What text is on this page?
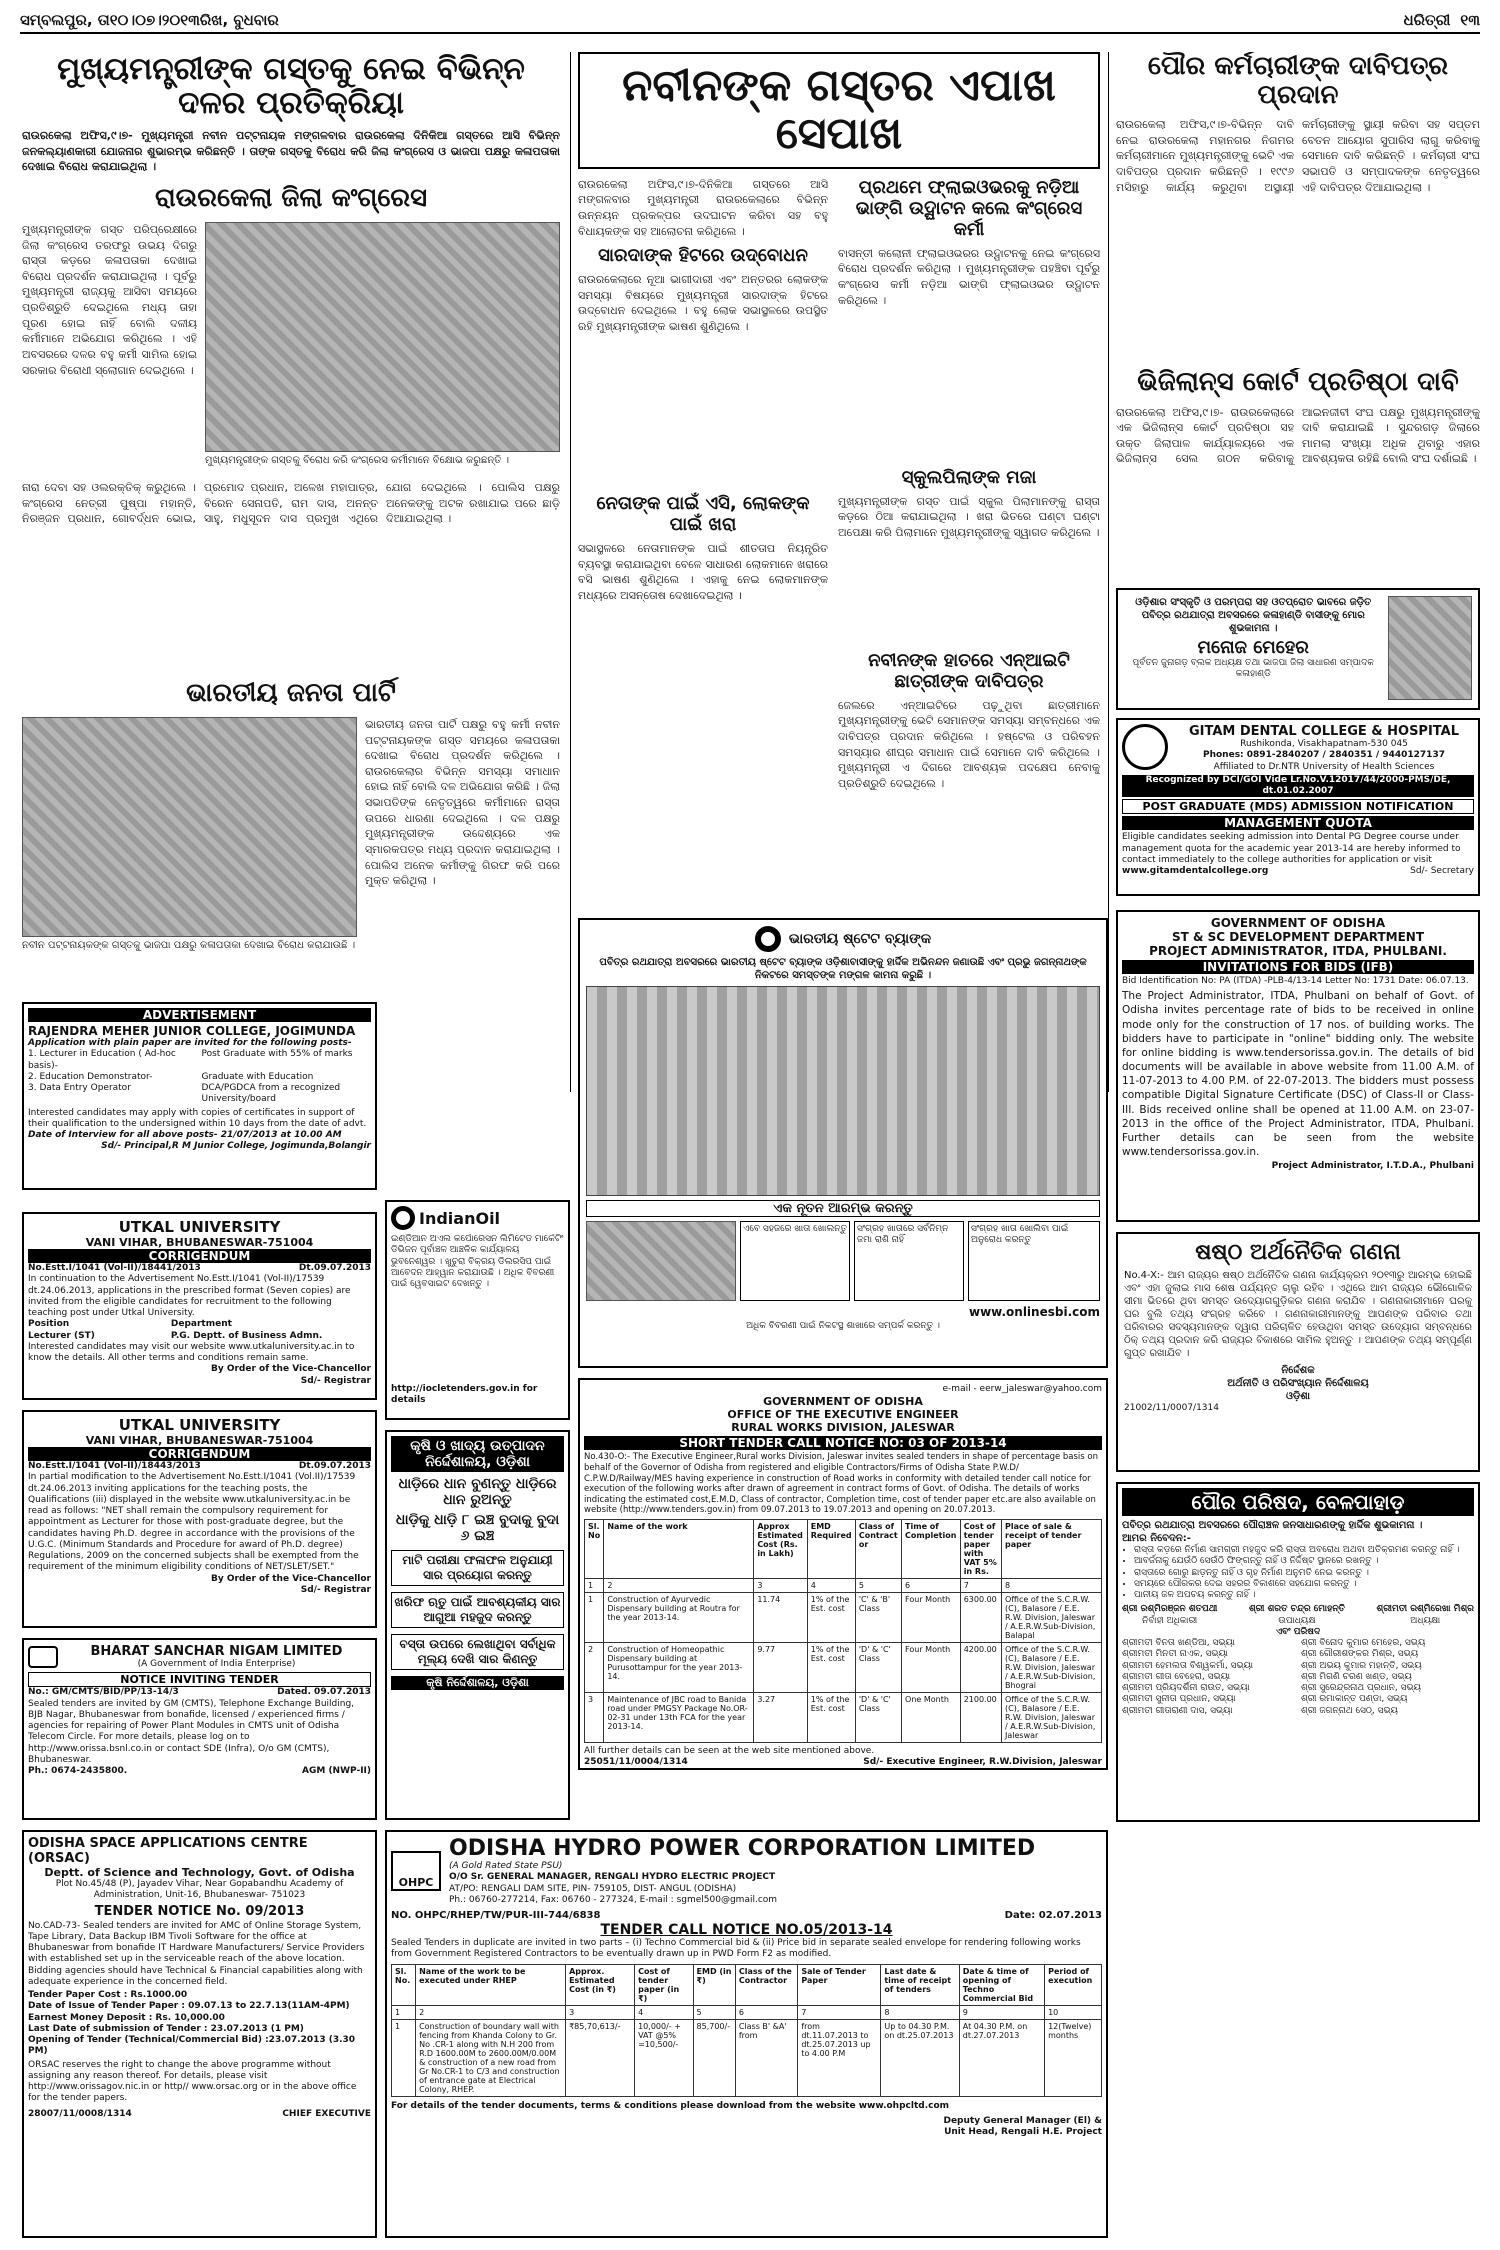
ସମ୍ବଲପୁର, ତା୧୦।୦୭।୨୦୧୩ରିଖ, ବୁଧବାର	ଧରିତ୍ରୀ ୧୩
ମୁଖ୍ୟମନ୍ତ୍ରୀଙ୍କ ଗସ୍ତକୁ ନେଇ ବିଭିନ୍ନ ଦଳର ପ୍ରତିକ୍ରିୟା
ରାଉରକେଲା ଅଫିସ,୯।୭- ମୁଖ୍ୟମନ୍ତ୍ରୀ ନବୀନ ପଟ୍ଟନାୟକ ମଙ୍ଗଳବାର ରାଉରକେଲା ଦିନିକିଆ ଗସ୍ତରେ ଆସି ବିଭିନ୍ନ ଜନକଲ୍ୟାଣକାରୀ ଯୋଜନାର ଶୁଭାରମ୍ଭ କରିଛନ୍ତି । ତାଙ୍କ ଗସ୍ତକୁ ବିରୋଧ କରି ଜିଲା କଂଗ୍ରେସ ଓ ଭାଜପା ପକ୍ଷରୁ କଳାପତାକା ଦେଖାଇ ବିରୋଧ କରାଯାଇଥିଲା ।
ରାଉରକେଲା ଜିଲା କଂଗ୍ରେସ
ମୁଖ୍ୟମନ୍ତ୍ରୀଙ୍କ ଗସ୍ତ ପରିପ୍ରେକ୍ଷୀରେ ଜିଲା କଂଗ୍ରେସ ତରଫରୁ ଉଭୟ ଦିଗରୁ ରାସ୍ତା କଡ଼ରେ କଳାପତାକା ଦେଖାଇ ବିରୋଧ ପ୍ରଦର୍ଶନ କରାଯାଇଥିଲା । ପୂର୍ବରୁ ମୁଖ୍ୟମନ୍ତ୍ରୀ ରାଜ୍ୟକୁ ଆସିବା ସମୟରେ ପ୍ରତିଶ୍ରୁତି ଦେଇଥିଲେ ମଧ୍ୟ ତାହା ପୂରଣ ହୋଇ ନାହିଁ ବୋଲି ଦଳୀୟ କର୍ମୀମାନେ ଅଭିଯୋଗ କରିଥିଲେ । ଏହି ଅବସରରେ ଦଳର ବହୁ କର୍ମୀ ସାମିଲ ହୋଇ ସରକାର ବିରୋଧୀ ସ୍ଲୋଗାନ ଦେଇଥିଲେ ।
ମୁଖ୍ୟମନ୍ତ୍ରୀଙ୍କ ଗସ୍ତକୁ ବିରୋଧ କରି କଂଗ୍ରେସ କର୍ମୀମାନେ ବିକ୍ଷୋଭ କରୁଛନ୍ତି ।
ନାରା ଦେବା ସହ ଓଲରକ୍ତିକ୍ କରୁଥିଲେ । କଂଗ୍ରେସ ନେତ୍ରୀ ପୁଷ୍ପା ମହାନ୍ତି, ନିରଞ୍ଜନ ପ୍ରଧାନ, ଗୋବର୍ଦ୍ଧନ ଭୋଇ, ପ୍ରମୋଦ ପ୍ରଧାନ, ଅଳେଖ ମହାପାତ୍ର, ବିରେନ ସେନାପତି, ରାମ ଦାସ, ଅନନ୍ତ ସାହୁ, ମଧୁସୂଦନ ଦାସ ପ୍ରମୁଖ ଏଥିରେ ଯୋଗ ଦେଇଥିଲେ । ପୋଲିସ ପକ୍ଷରୁ ଅନେକଙ୍କୁ ଅଟକ ରଖାଯାଇ ପରେ ଛାଡ଼ି ଦିଆଯାଇଥିଲା ।
ଭାରତୀୟ ଜନତା ପାର୍ଟି
ନବୀନ ପଟ୍ଟନାୟକଙ୍କ ଗସ୍ତକୁ ଭାଜପା ପକ୍ଷରୁ କଳାପତାକା ଦେଖାଇ ବିରୋଧ କରାଯାଉଛି ।
ଭାରତୀୟ ଜନତା ପାର୍ଟି ପକ୍ଷରୁ ବହୁ କର୍ମୀ ନବୀନ ପଟ୍ଟନାୟକଙ୍କ ଗସ୍ତ ସମୟରେ କଳାପତାକା ଦେଖାଇ ବିରୋଧ ପ୍ରଦର୍ଶନ କରିଥିଲେ । ରାଉରକେଲାର ବିଭିନ୍ନ ସମସ୍ୟା ସମାଧାନ ହୋଇ ନାହିଁ ବୋଲି ଦଳ ଅଭିଯୋଗ କରିଛି । ଜିଲା ସଭାପତିଙ୍କ ନେତୃତ୍ୱରେ କର୍ମୀମାନେ ରାସ୍ତା ଉପରେ ଧାରଣା ଦେଇଥିଲେ । ଦଳ ପକ୍ଷରୁ ମୁଖ୍ୟମନ୍ତ୍ରୀଙ୍କ ଉଦ୍ଦେଶ୍ୟରେ ଏକ ସ୍ମାରକପତ୍ର ମଧ୍ୟ ପ୍ରଦାନ କରାଯାଇଥିଲା । ପୋଲିସ ଅନେକ କର୍ମୀଙ୍କୁ ଗିରଫ କରି ପରେ ମୁକ୍ତ କରିଥିଲା ।
ନବୀନଙ୍କ ଗସ୍ତର ଏପାଖ ସେପାଖ
ରାଉରକେଲା ଅଫିସ,୯।୭-ଦିନିକିଆ ଗସ୍ତରେ ଆସି ମଙ୍ଗଳବାର ମୁଖ୍ୟମନ୍ତ୍ରୀ ରାଉରକେଲାରେ ବିଭିନ୍ନ ଉନ୍ନୟନ ପ୍ରକଳ୍ପର ଉଦଘାଟନ କରିବା ସହ ବହୁ ବିଧାୟକଙ୍କ ସହ ଆଲୋଚନା କରିଥିଲେ ।
ସାରଦାଙ୍କ ହିଟରେ ଉଦ୍ବୋଧନ
ରାଉରକେଲାରେ ନୂଆ ଭାଗୀଦାରୀ ଏବଂ ଅନ୍ତରର ଲୋକଙ୍କ ସମସ୍ୟା ବିଷୟରେ ମୁଖ୍ୟମନ୍ତ୍ରୀ ସାରଦାଙ୍କ ହିଟରେ ଉଦ୍ବୋଧନ ଦେଇଥିଲେ । ବହୁ ଲୋକ ସଭାସ୍ଥଳରେ ଉପସ୍ଥିତ ରହି ମୁଖ୍ୟମନ୍ତ୍ରୀଙ୍କ ଭାଷଣ ଶୁଣିଥିଲେ ।
ନେତାଙ୍କ ପାଇଁ ଏସି, ଲୋକଙ୍କ ପାଇଁ ଖରା
ସଭାସ୍ଥଳରେ ନେତାମାନଙ୍କ ପାଇଁ ଶୀତତାପ ନିୟନ୍ତ୍ରିତ ବ୍ୟବସ୍ଥା କରାଯାଇଥିବା ବେଳେ ସାଧାରଣ ଲୋକମାନେ ଖରାରେ ବସି ଭାଷଣ ଶୁଣିଥିଲେ । ଏହାକୁ ନେଇ ଲୋକମାନଙ୍କ ମଧ୍ୟରେ ଅସନ୍ତୋଷ ଦେଖାଦେଇଥିଲା ।
ପ୍ରଥମେ ଫ୍ଲାଇଓଭରକୁ ନଡ଼ିଆ ଭାଙ୍ଗି ଉଦ୍ଘାଟନ କଲେ କଂଗ୍ରେସ କର୍ମୀ
ବାସନ୍ତୀ କଲୋନୀ ଫ୍ଲାଇଓଭରର ଉଦ୍ଘାଟନକୁ ନେଇ କଂଗ୍ରେସ ବିରୋଧ ପ୍ରଦର୍ଶନ କରିଥିଲା । ମୁଖ୍ୟମନ୍ତ୍ରୀଙ୍କ ପହଞ୍ଚିବା ପୂର୍ବରୁ କଂଗ୍ରେସ କର୍ମୀ ନଡ଼ିଆ ଭାଙ୍ଗି ଫ୍ଲାଇଓଭର ଉଦ୍ଘାଟନ କରିଥିଲେ ।
ସ୍କୁଲପିଲାଙ୍କ ମଜା
ମୁଖ୍ୟମନ୍ତ୍ରୀଙ୍କ ଗସ୍ତ ପାଇଁ ସ୍କୁଲ ପିଲାମାନଙ୍କୁ ରାସ୍ତା କଡ଼ରେ ଠିଆ କରାଯାଇଥିଲା । ଖରା ଭିତରେ ଘଣ୍ଟା ଘଣ୍ଟା ଅପେକ୍ଷା କରି ପିଲାମାନେ ମୁଖ୍ୟମନ୍ତ୍ରୀଙ୍କୁ ସ୍ୱାଗତ କରିଥିଲେ ।
ନବୀନଙ୍କ ହାତରେ ଏନ୍ଆଇଟି ଛାତ୍ରୀଙ୍କ ଦାବିପତ୍ର
ଜେଲରେ ଏନ୍ଆଇଟିରେ ପଢ଼ୁଥିବା ଛାତ୍ରୀମାନେ ମୁଖ୍ୟମନ୍ତ୍ରୀଙ୍କୁ ଭେଟି ସେମାନଙ୍କ ସମସ୍ୟା ସମ୍ବନ୍ଧରେ ଏକ ଦାବିପତ୍ର ପ୍ରଦାନ କରିଥିଲେ । ହଷ୍ଟେଲ ଓ ପରିବହନ ସମସ୍ୟାର ଶୀଘ୍ର ସମାଧାନ ପାଇଁ ସେମାନେ ଦାବି କରିଥିଲେ । ମୁଖ୍ୟମନ୍ତ୍ରୀ ଏ ଦିଗରେ ଆବଶ୍ୟକ ପଦକ୍ଷେପ ନେବାକୁ ପ୍ରତିଶ୍ରୁତି ଦେଇଥିଲେ ।
ପୌର କର୍ମଚାରୀଙ୍କ ଦାବିପତ୍ର ପ୍ରଦାନ
ରାଉରକେଲା ଅଫିସ,୯।୭-ବିଭିନ୍ନ ଦାବି ନେଇ ରାଉରକେଲା ମହାନଗର ନିଗମର କର୍ମଚାରୀମାନେ ମୁଖ୍ୟମନ୍ତ୍ରୀଙ୍କୁ ଭେଟି ଏକ ଦାବିପତ୍ର ପ୍ରଦାନ କରିଛନ୍ତି । ୧୯୯୬ ମସିହାରୁ କାର୍ଯ୍ୟ କରୁଥିବା ଅସ୍ଥାୟୀ କର୍ମଚାରୀଙ୍କୁ ସ୍ଥାୟୀ କରିବା ସହ ସପ୍ତମ ବେତନ ଆୟୋଗ ସୁପାରିସ ଲାଗୁ କରିବାକୁ ସେମାନେ ଦାବି କରିଛନ୍ତି । କର୍ମଚାରୀ ସଂଘ ସଭାପତି ଓ ସମ୍ପାଦକଙ୍କ ନେତୃତ୍ୱରେ ଏହି ଦାବିପତ୍ର ଦିଆଯାଇଥିଲା ।
ଭିଜିଲାନ୍ସ କୋର୍ଟ ପ୍ରତିଷ୍ଠା ଦାବି
ରାଉରକେଲା ଅଫିସ,୯।୭- ରାଉରକେଲାରେ ଏକ ଭିଜିଲାନ୍ସ କୋର୍ଟ ପ୍ରତିଷ୍ଠା ସହ ଉକ୍ତ ଜିଲାପାଳ କାର୍ଯ୍ୟାଳୟରେ ଏକ ଭିଜିଲାନ୍ସ ସେଲ ଗଠନ କରିବାକୁ ଆଇନଜୀବୀ ସଂଘ ପକ୍ଷରୁ ମୁଖ୍ୟମନ୍ତ୍ରୀଙ୍କୁ ଦାବି କରାଯାଇଛି । ସୁନ୍ଦରଗଡ଼ ଜିଲାରେ ମାମଲା ସଂଖ୍ୟା ଅଧିକ ଥିବାରୁ ଏହାର ଆବଶ୍ୟକତା ରହିଛି ବୋଲି ସଂଘ ଦର୍ଶାଇଛି ।
ଓଡ଼ିଶାର ସଂସ୍କୃତି ଓ ପରମ୍ପରା ସହ ଓତପ୍ରୋତ ଭାବରେ ଜଡ଼ିତ ପବିତ୍ର ରଥଯାତ୍ରା ଅବସରରେ କଳାହାଣ୍ଡି ବାସୀଙ୍କୁ ମୋର ଶୁଭକାମନା ।
ମନୋଜ ମେହେର
ପୂର୍ବତନ ଜୁନାଗଡ଼ ବ୍ଲକ ଅଧ୍ୟକ୍ଷ ତଥା ଭାଜପା ଜିଲା ସାଧାରଣ ସମ୍ପାଦକ କଳାହାଣ୍ଡି
GITAM DENTAL COLLEGE & HOSPITAL
Rushikonda, Visakhapatnam-530 045
Phones: 0891-2840207 / 2840351 / 9440127137
Affiliated to Dr.NTR University of Health Sciences
Recognized by DCI/GOI Vide Lr.No.V.12017/44/2000-PMS/DE, dt.01.02.2007
POST GRADUATE (MDS) ADMISSION NOTIFICATION
MANAGEMENT QUOTA
Eligible candidates seeking admission into Dental PG Degree course under management quota for the academic year 2013-14 are hereby informed to contact immediately to the college authorities for application or visit
www.gitamdentalcollege.org	Sd/- Secretary
ଭାରତୀୟ ଷ୍ଟେଟ ବ୍ୟାଙ୍କ
ପବିତ୍ର ରଥଯାତ୍ରା ଅବସରରେ ଭାରତୀୟ ଷ୍ଟେଟ ବ୍ୟାଙ୍କ ଓଡ଼ିଶାବାସୀଙ୍କୁ ହାର୍ଦ୍ଦିକ ଅଭିନନ୍ଦନ ଜଣାଉଛି ଏବଂ ପ୍ରଭୁ ଜଗନ୍ନାଥଙ୍କ ନିକଟରେ ସମସ୍ତଙ୍କ ମଙ୍ଗଳ କାମନା କରୁଛି ।
ଏକ ନୂତନ ଆରମ୍ଭ କରନ୍ତୁ
ଏବେ ସହଜରେ ଖାତା ଖୋଲନ୍ତୁ	ସଂଗ୍ରହ ଖାତାରେ ସର୍ବନିମ୍ନ ଜମା ରାଶି ନାହିଁ
ସଂଗ୍ରହ ଖାତା ଖୋଲିବା ପାଇଁ ଅନୁରୋଧ କରନ୍ତୁ
www.onlinesbi.com
ଅଧିକ ବିବରଣୀ ପାଇଁ ନିକଟସ୍ଥ ଶାଖାରେ ସମ୍ପର୍କ କରନ୍ତୁ ।
GOVERNMENT OF ODISHA
ST & SC DEVELOPMENT DEPARTMENT
PROJECT ADMINISTRATOR, ITDA, PHULBANI.
INVITATIONS FOR BIDS (IFB)
Bid Identification No: PA (ITDA) -PLB-4/13-14 Letter No: 1731 Date: 06.07.13.
The Project Administrator, ITDA, Phulbani on behalf of Govt. of Odisha invites percentage rate of bids to be received in online mode only for the construction of 17 nos. of building works. The bidders have to participate in "online" bidding only. The website for online bidding is www.tendersorissa.gov.in. The details of bid documents will be available in above website from 11.00 A.M. of 11-07-2013 to 4.00 P.M. of 22-07-2013. The bidders must possess compatible Digital Signature Certificate (DSC) of Class-II or Class-III. Bids received online shall be opened at 11.00 A.M. on 23-07-2013 in the office of the Project Administrator, ITDA, Phulbani. Further details can be seen from the website www.tendersorissa.gov.in.
Project Administrator, I.T.D.A., Phulbani
ଷଷ୍ଠ ଅର୍ଥନୈତିକ ଗଣନା
No.4-X:- ଆମ ରାଜ୍ୟର ଷଷ୍ଠ ଅର୍ଥନୈତିକ ଗଣନା କାର୍ଯ୍ୟକ୍ରମ ୨୦୧୩ରୁ ଆରମ୍ଭ ହୋଇଛି ଏବଂ ଏହା ଜୁଲାଇ ମାସ ଶେଷ ପର୍ଯ୍ୟନ୍ତ ଚାଲୁ ରହିବ । ଏଥିରେ ଆମ ରାଜ୍ୟର ଭୌଗୋଳିକ ସୀମା ଭିତରେ ଥିବା ସମସ୍ତ ଉଦ୍ୟୋଗଗୁଡ଼ିକର ଗଣନା କରାଯିବ । ଗଣନାକାରୀମାନେ ଘରକୁ ଘର ବୁଲି ତଥ୍ୟ ସଂଗ୍ରହ କରିବେ । ଗଣନାକାରୀମାନଙ୍କୁ ଆପଣଙ୍କ ପରିବାର ତଥା ପରିବାରର ସଦସ୍ୟମାନଙ୍କ ଦ୍ୱାରା ପରିଚାଳିତ ହେଉଥିବା ସମସ୍ତ ଉଦ୍ୟୋଗ ସମ୍ବନ୍ଧରେ ଠିକ୍ ତଥ୍ୟ ପ୍ରଦାନ କରି ରାଜ୍ୟର ବିକାଶରେ ସାମିଲ ହୁଅନ୍ତୁ । ଆପଣଙ୍କ ତଥ୍ୟ ସମ୍ପୂର୍ଣ୍ଣ ଗୁପ୍ତ ରଖାଯିବ ।
ନିର୍ଦ୍ଦେଶକ
ଅର୍ଥନୀତି ଓ ପରିସଂଖ୍ୟାନ ନିର୍ଦ୍ଦେଶାଳୟ
ଓଡ଼ିଶା
21002/11/0007/1314
ପୌର ପରିଷଦ, ବେଳପାହାଡ଼
ପବିତ୍ର ରଥଯାତ୍ରା ଅବସରରେ ପୌରାଞ୍ଚଳ ଜନସାଧାରଣଙ୍କୁ ହାର୍ଦ୍ଦିକ ଶୁଭକାମନା ।
ଆମର ନିବେଦନ:-
• ରାସ୍ତା କଡ଼ରେ ନିର୍ମାଣ ସାମଗ୍ରୀ ମହଜୁଦ କରି ରାସ୍ତା ଅବରୋଧ ଅଥବା ଅତିକ୍ରମଣ କରନ୍ତୁ ନାହିଁ ।
• ଆବର୍ଜନାକୁ ଯେଉଁଠି ସେଉଁଠି ଫିଙ୍ଗନ୍ତୁ ନାହିଁ ଓ ନିର୍ଦ୍ଦିଷ୍ଟ ସ୍ଥାନରେ ରଖନ୍ତୁ ।
• ରାସ୍ତାରେ ଗୋରୁ ଛାଡ଼ନ୍ତୁ ନାହିଁ ଓ ଗୃହ ନିର୍ମାଣ ଅନୁମତି ନେଇ କରନ୍ତୁ ।
• ସମୟରେ ପୌରକର ଦେଇ ସହରର ବିକାଶରେ ସହଯୋଗ କରନ୍ତୁ ।
• ପାନୀୟ ଜଳ ଅପଚୟ କରନ୍ତୁ ନାହିଁ ।
ଶ୍ରୀ ରଶ୍ମିରଞ୍ଜନ ଶତପଥୀ
ନିର୍ବାହୀ ଅଧିକାରୀ
ଶ୍ରୀ ଶରତ ଚନ୍ଦ୍ର ମୋହନ୍ତି
ଉପାଧ୍ୟକ୍ଷ
ଶ୍ରୀମତୀ ରଶ୍ମିରେଖା ମିଶ୍ର
ଅଧ୍ୟକ୍ଷା
ଏବଂ ପରିଷଦ
ଶ୍ରୀମତୀ ବିନତା ଖଣ୍ଡିଆ, ସଭ୍ୟା	ଶ୍ରୀ ବିନୋଦ କୁମାର ମେହେର, ସଭ୍ୟ
ଶ୍ରୀମତୀ ମିନତୀ ନାଏକ, ସଭ୍ୟା	ଶ୍ରୀ ଗୌରୀଶଙ୍କର ମିଶ୍ର, ସଭ୍ୟ
ଶ୍ରୀମତୀ ହେମଲତା ବିଶ୍ୱକର୍ମା, ସଭ୍ୟା	ଶ୍ରୀ ଅଭୟ କୁମାର ମହାନ୍ତି, ସଭ୍ୟ
ଶ୍ରୀମତୀ ଗୀତା ବେହେରା, ସଭ୍ୟା	ଶ୍ରୀ ମିଗଣି ଚରଣ ଖଣ୍ଡ, ସଭ୍ୟ
ଶ୍ରୀମତୀ ପ୍ରିୟଦର୍ଶିନୀ ରାଉତ, ସଭ୍ୟା	ଶ୍ରୀ ସୁରେନ୍ଦ୍ରନାଥ ପ୍ରଧାନ, ସଭ୍ୟ
ଶ୍ରୀମତୀ ସୁନୀତା ପ୍ରଧାନ, ସଭ୍ୟା	ଶ୍ରୀ ରମାକାନ୍ତ ପଣ୍ଡା, ସଭ୍ୟ
ଶ୍ରୀମତୀ ଗୀତାରାଣୀ ଦାସ, ସଭ୍ୟା	ଶ୍ରୀ ଜଗନ୍ନାଥ ସେଠ୍, ସଭ୍ୟ
ADVERTISEMENT
RAJENDRA MEHER JUNIOR COLLEGE, JOGIMUNDA
Application with plain paper are invited for the following posts-
1. Lecturer in Education ( Ad-hoc basis)-
Post Graduate with 55% of marks
2. Education Demonstrator-	Graduate with Education
3. Data Entry Operator	DCA/PGDCA from a recognized University/board
Interested candidates may apply with copies of certificates in support of their qualification to the undersigned within 10 days from the date of advt.
Date of Interview for all above posts- 21/07/2013 at 10.00 AM
Sd/- Principal,R M Junior College, Jogimunda,Bolangir
IndianOil
ଇଣ୍ଡିଆନ ଅଏଲ କର୍ପୋରେସନ ଲିମିଟେଡ ମାର୍କେଟିଂ ଡିଭିଜନ ପୂର୍ବାଞ୍ଚଳ ଆଞ୍ଚଳିକ କାର୍ଯ୍ୟାଳୟ ଭୁବନେଶ୍ୱର । ଖୁଚୁରା ବିକ୍ରୟ ଡିଲରସିପ ପାଇଁ ଆବେଦନ ଆହ୍ୱାନ କରାଯାଉଛି । ଅଧିକ ବିବରଣୀ ପାଇଁ ୱେବସାଇଟ ଦେଖନ୍ତୁ ।
http://iocletenders.gov.in for details
UTKAL UNIVERSITY
VANI VIHAR, BHUBANESWAR-751004
CORRIGENDUM
No.Estt.I/1041 (Vol-II)/18441/2013	Dt.09.07.2013
In continuation to the Advertisement No.Estt.I/1041 (Vol-II)/17539 dt.24.06.2013, applications in the prescribed format (Seven copies) are invited from the eligible candidates for recruitment to the following teaching post under Utkal University.
Position	Department
Lecturer (ST)	P.G. Deptt. of Business Admn.
Interested candidates may visit our website www.utkaluniversity.ac.in to know the details. All other terms and conditions remain same.
By Order of the Vice-Chancellor
Sd/- Registrar
କୃଷି ଓ ଖାଦ୍ୟ ଉତ୍ପାଦନ ନିର୍ଦ୍ଦେଶାଳୟ, ଓଡ଼ିଶା
ଧାଡ଼ିରେ ଧାନ ବୁଣନ୍ତୁ ଧାଡ଼ିରେ ଧାନ ରୁଅନ୍ତୁ
ଧାଡ଼ିକୁ ଧାଡ଼ି ୮ ଇଞ୍ଚ ବୁଦାକୁ ବୁଦା ୬ ଇଞ୍ଚ
ମାଟି ପରୀକ୍ଷା ଫଳାଫଳ ଅନୁଯାୟୀ ସାର ପ୍ରୟୋଗ କରନ୍ତୁ
ଖରିଫ ଋତୁ ପାଇଁ ଆବଶ୍ୟକୀୟ ସାର ଆଗୁଆ ମହଜୁଦ କରନ୍ତୁ
ବସ୍ତା ଉପରେ ଲେଖାଥିବା ସର୍ବାଧିକ ମୂଲ୍ୟ ଦେଖି ସାର କିଣନ୍ତୁ
କୃଷି ନିର୍ଦ୍ଦେଶାଳୟ, ଓଡ଼ିଶା
UTKAL UNIVERSITY
VANI VIHAR, BHUBANESWAR-751004
CORRIGENDUM
No.Estt.I/1041 (Vol-II)/18443/2013	Dt.09.07.2013
In partial modification to the Advertisement No.Estt.I/1041 (Vol.II)/17539 dt.24.06.2013 inviting applications for the teaching posts, the Qualifications (iii) displayed in the website www.utkaluniversity.ac.in be read as follows: "NET shall remain the compulsory requirement for appointment as Lecturer for those with post-graduate degree, but the candidates having Ph.D. degree in accordance with the provisions of the U.G.C. (Minimum Standards and Procedure for award of Ph.D. degree) Regulations, 2009 on the concerned subjects shall be exempted from the requirement of the minimum eligibility conditions of NET/SLET/SET."
By Order of the Vice-Chancellor
Sd/- Registrar
BHARAT SANCHAR NIGAM LIMITED
(A Government of India Enterprise)
NOTICE INVITING TENDER
No.: GM/CMTS/BID/PP/13-14/3	Dated. 09.07.2013
Sealed tenders are invited by GM (CMTS), Telephone Exchange Building, BJB Nagar, Bhubaneswar from bonafide, licensed / experienced firms / agencies for repairing of Power Plant Modules in CMTS unit of Odisha Telecom Circle. For more details, please log on to http://www.orissa.bsnl.co.in or contact SDE (Infra), O/o GM (CMTS), Bhubaneswar.
Ph.: 0674-2435800.	AGM (NWP-II)
ODISHA SPACE APPLICATIONS CENTRE (ORSAC)
Deptt. of Science and Technology, Govt. of Odisha
Plot No.45/48 (P), Jayadev Vihar, Near Gopabandhu Academy of Administration, Unit-16, Bhubaneswar- 751023
TENDER NOTICE No. 09/2013
No.CAD-73- Sealed tenders are invited for AMC of Online Storage System, Tape Library, Data Backup IBM Tivoli Software for the office at Bhubaneswar from bonafide IT Hardware Manufacturers/ Service Providers with established set up in the serviceable reach of the above location. Bidding agencies should have Technical & Financial capabilities along with adequate experience in the concerned field.
Tender Paper Cost : Rs.1000.00
Date of Issue of Tender Paper : 09.07.13 to 22.7.13(11AM-4PM)
Earnest Money Deposit : Rs. 10,000.00
Last Date of submission of Tender : 23.07.2013 (1 PM)
Opening of Tender (Technical/Commercial Bid) :23.07.2013 (3.30 PM)
ORSAC reserves the right to change the above programme without assigning any reason thereof. For details, please visit http://www.orissagov.nic.in or http// www.orsac.org or in the above office for the tender papers.
28007/11/0008/1314	CHIEF EXECUTIVE
e-mail - eerw_jaleswar@yahoo.com
GOVERNMENT OF ODISHA
OFFICE OF THE EXECUTIVE ENGINEER
RURAL WORKS DIVISION, JALESWAR
SHORT TENDER CALL NOTICE NO: 03 OF 2013-14
No.430-O:- The Executive Engineer,Rural works Division, Jaleswar invites sealed tenders in shape of percentage basis on behalf of the Governor of Odisha from registered and eligible Contractors/Firms of Odisha State P.W.D/ C.P.W.D/Railway/MES having experience in construction of Road works in conformity with detailed tender call notice for execution of the following works after drawn of agreement in contract forms of Govt. of Odisha. The details of works indicating the estimated cost,E.M.D, Class of contractor, Completion time, cost of tender paper etc.are also available on website (http://www.tenders.gov.in) from 09.07.2013 to 19.07.2013 and opening on 20.07.2013.
Sl. No	Name of the work	Approx Estimated Cost (Rs. in Lakh)	EMD Required	Class of Contract or	Time of Completion	Cost of tender paper with VAT 5% in Rs.	Place of sale & receipt of tender paper
1	2	3	4	5	6	7	8
1	Construction of Ayurvedic Dispensary building at Routra for the year 2013-14.	11.74	1% of the Est. cost	'C' & 'B' Class	Four Month	6300.00	Office of the S.C.R.W. (C), Balasore / E.E. R.W. Division, Jaleswar / A.E.R.W.Sub-Division, Balapal
2	Construction of Homeopathic Dispensary building at Purusottampur for the year 2013-14.	9.77	1% of the Est. cost	'D' & 'C' Class	Four Month	4200.00	Office of the S.C.R.W. (C), Balasore / E.E. R.W. Division, Jaleswar / A.E.R.W.Sub-Division, Bhograi
3	Maintenance of JBC road to Banida road under PMGSY Package No.OR-02-31 under 13th FCA for the year 2013-14.	3.27	1% of the Est. cost	'D' & 'C' Class	One Month	2100.00	Office of the S.C.R.W. (C), Balasore / E.E. R.W. Division, Jaleswar / A.E.R.W.Sub-Division, Jaleswar
All further details can be seen at the web site mentioned above.
25051/11/0004/1314	Sd/- Executive Engineer, R.W.Division, Jaleswar
OHPC
ODISHA HYDRO POWER CORPORATION LIMITED
(A Gold Rated State PSU)
O/O Sr. GENERAL MANAGER, RENGALI HYDRO ELECTRIC PROJECT
AT/PO: RENGALI DAM SITE, PIN- 759105, DIST- ANGUL (ODISHA)
Ph.: 06760-277214, Fax: 06760 - 277324, E-mail : sgmel500@gmail.com
NO. OHPC/RHEP/TW/PUR-III-744/6838	Date: 02.07.2013
TENDER CALL NOTICE NO.05/2013-14
Sealed Tenders in duplicate are invited in two parts – (i) Techno Commercial bid & (ii) Price bid in separate sealed envelope for rendering following works from Government Registered Contractors to be eventually drawn up in PWD Form F2 as modified.
Sl. No.	Name of the work to be executed under RHEP	Approx. Estimated Cost (in ₹)	Cost of tender paper (in ₹)	EMD (in ₹)	Class of the Contractor	Sale of Tender Paper	Last date & time of receipt of tenders	Date & time of opening of Techno Commercial Bid	Period of execution
1	2	3	4	5	6	7	8	9	10
1	Construction of boundary wall with fencing from Khanda Colony to Gr. No .CR-1 along with N.H 200 from R.D 1600.00M to 2600.00M/0.00M & construction of a new road from Gr No.CR-1 to C/3 and construction of entrance gate at Electrical Colony, RHEP.	₹85,70,613/-	10,000/- + VAT @5% =10,500/-	85,700/-	Class B' &A' from	from dt.11.07.2013 to dt.25.07.2013 up to 4.00 P.M	Up to 04.30 P.M. on dt.25.07.2013	At 04.30 P.M. on dt.27.07.2013	12(Twelve) months
For details of the tender documents, terms & conditions please download from the website www.ohpcltd.com
Deputy General Manager (El) &
Unit Head, Rengali H.E. Project
